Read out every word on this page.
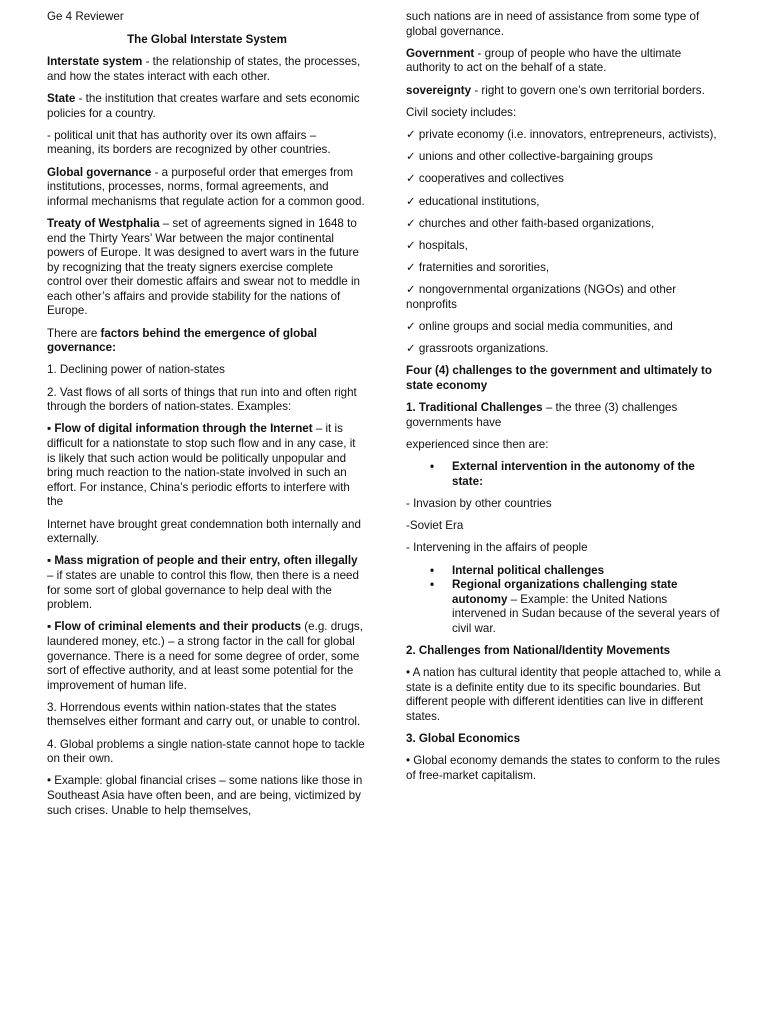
Ge 4 Reviewer

The Global Interstate System

Interstate system - the relationship of states, the processes, and how the states interact with each other.

State - the institution that creates warfare and sets economic policies for a country.

- political unit that has authority over its own affairs – meaning, its borders are recognized by other countries.

Global governance - a purposeful order that emerges from institutions, processes, norms, formal agreements, and informal mechanisms that regulate action for a common good.

Treaty of Westphalia – set of agreements signed in 1648 to end the Thirty Years’ War between the major continental powers of Europe. It was designed to avert wars in the future by recognizing that the treaty signers exercise complete control over their domestic affairs and swear not to meddle in each other’s affairs and provide stability for the nations of Europe.

There are factors behind the emergence of global governance:

1. Declining power of nation-states

2. Vast flows of all sorts of things that run into and often right through the borders of nation-states. Examples:

▪ Flow of digital information through the Internet – it is difficult for a nationstate to stop such flow and in any case, it is likely that such action would be politically unpopular and bring much reaction to the nation-state involved in such an effort. For instance, China’s periodic efforts to interfere with the

Internet have brought great condemnation both internally and externally.

▪ Mass migration of people and their entry, often illegally – if states are unable to control this flow, then there is a need for some sort of global governance to help deal with the problem.

▪ Flow of criminal elements and their products (e.g. drugs, laundered money, etc.) – a strong factor in the call for global governance. There is a need for some degree of order, some sort of effective authority, and at least some potential for the improvement of human life.

3. Horrendous events within nation-states that the states themselves either formant and carry out, or unable to control.

4. Global problems a single nation-state cannot hope to tackle on their own.

• Example: global financial crises – some nations like those in Southeast Asia have often been, and are being, victimized by such crises. Unable to help themselves,

such nations are in need of assistance from some type of global governance.

Government - group of people who have the ultimate authority to act on the behalf of a state.

sovereignty - right to govern one’s own territorial borders.

Civil society includes:

✓ private economy (i.e. innovators, entrepreneurs, activists),

✓ unions and other collective-bargaining groups

✓ cooperatives and collectives

✓ educational institutions,

✓ churches and other faith-based organizations,

✓ hospitals,

✓ fraternities and sororities,

✓ nongovernmental organizations (NGOs) and other nonprofits

✓ online groups and social media communities, and

✓ grassroots organizations.

Four (4) challenges to the government and ultimately to state economy

1. Traditional Challenges – the three (3) challenges governments have

experienced since then are:

• External intervention in the autonomy of the state:

- Invasion by other countries

-Soviet Era

- Intervening in the affairs of people

• Internal political challenges
• Regional organizations challenging state autonomy – Example: the United Nations intervened in Sudan because of the several years of civil war.

2. Challenges from National/Identity Movements

• A nation has cultural identity that people attached to, while a state is a definite entity due to its specific boundaries. But different people with different identities can live in different states.

3. Global Economics

• Global economy demands the states to conform to the rules of free-market capitalism.
